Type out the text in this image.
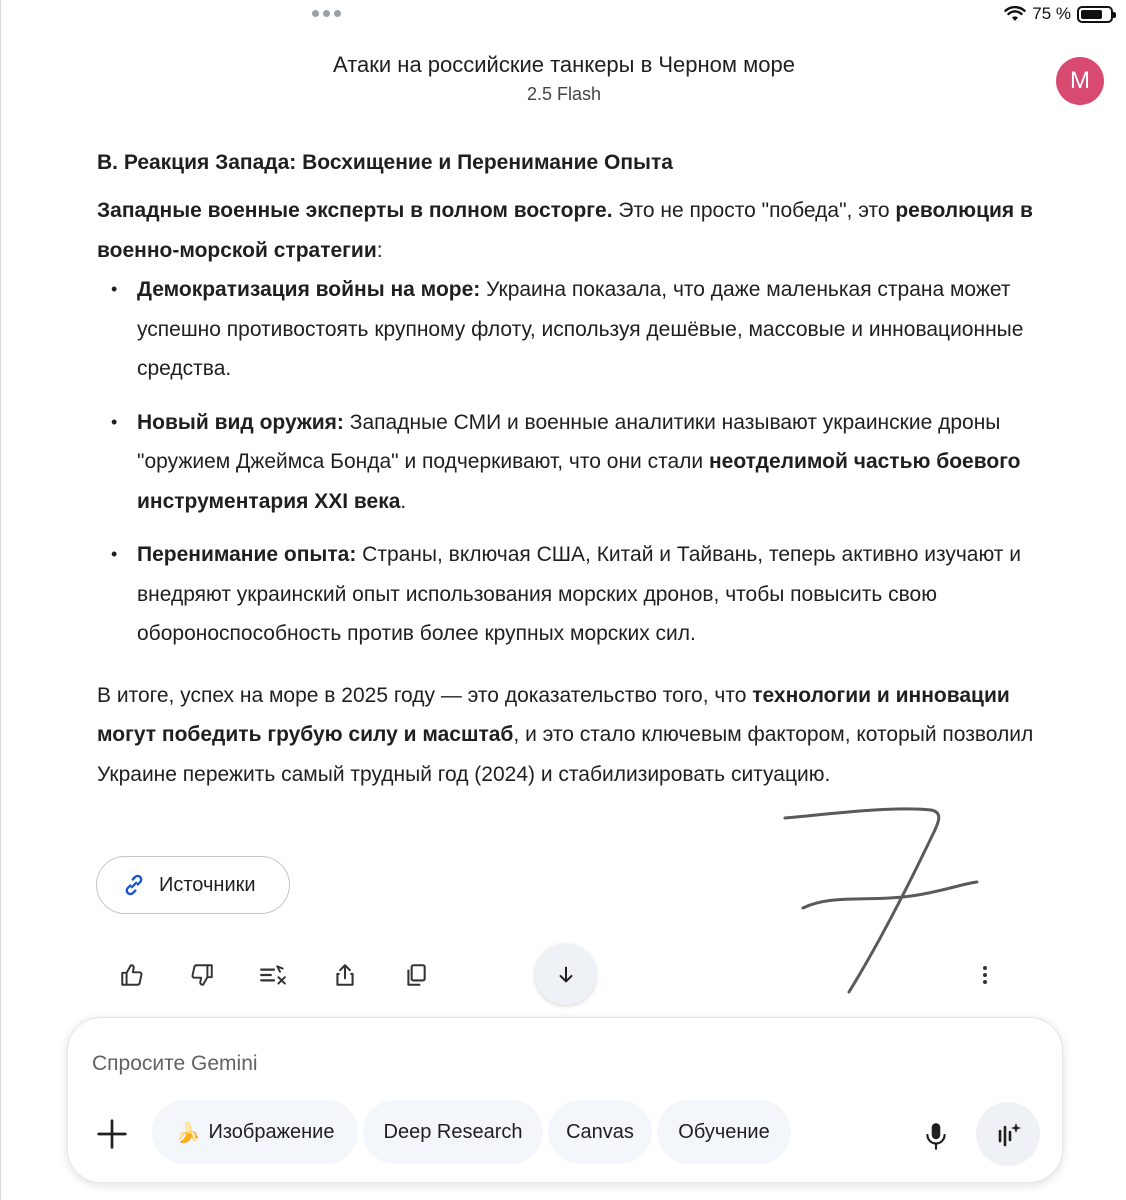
75 %
Атаки на российские танкеры в Черном море
2.5 Flash	M
B. Реакция Запада: Восхищение и Перенимание Опыта

Западные военные эксперты в полном восторге. Это не просто "победа", это революция в военно-морской стратегии:

• Демократизация войны на море: Украина показала, что даже маленькая страна может успешно противостоять крупному флоту, используя дешёвые, массовые и инновационные средства.
• Новый вид оружия: Западные СМИ и военные аналитики называют украинские дроны "оружием Джеймса Бонда" и подчеркивают, что они стали неотделимой частью боевого инструментария XXI века.
• Перенимание опыта: Страны, включая США, Китай и Тайвань, теперь активно изучают и внедряют украинский опыт использования морских дронов, чтобы повысить свою обороноспособность против более крупных морских сил.

В итоге, успех на море в 2025 году — это доказательство того, что технологии и инновации могут победить грубую силу и масштаб, и это стало ключевым фактором, который позволил Украине пережить самый трудный год (2024) и стабилизировать ситуацию.

Источники
Спросите Gemini
🍌 Изображение Deep Research Canvas Обучение
